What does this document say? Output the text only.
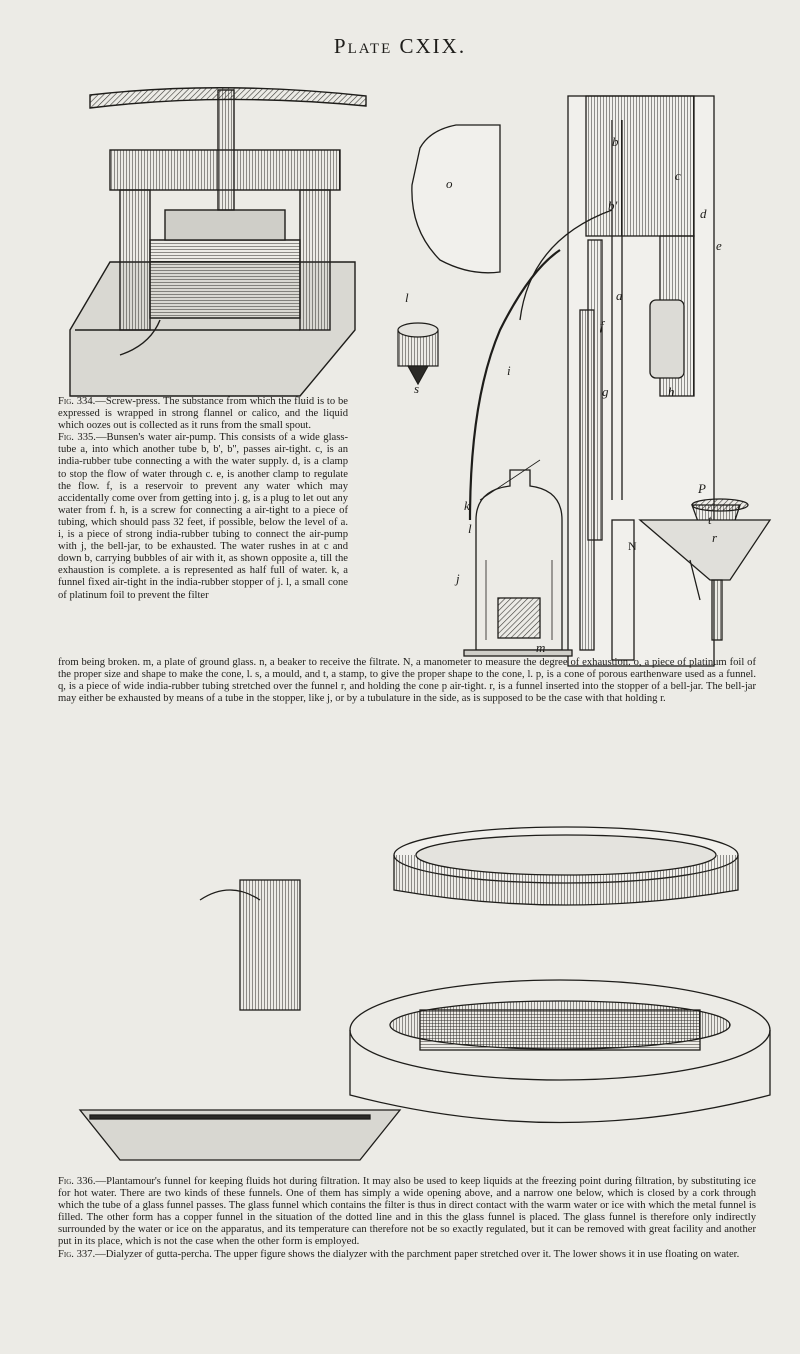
Plate CXIX.
l
s
o
i
b
b'
d
e
f
c
a
g	h
k
l
j
m
P
t
r
N

Fig. 334.—Screw-press. The substance from which the fluid is to be expressed is wrapped in strong flannel or calico, and the liquid which oozes out is collected as it runs from the small spout.

Fig. 335.—Bunsen's water air-pump. This consists of a wide glass-tube a, into which another tube b, b', b'', passes air-tight. c, is an india-rubber tube connecting a with the water supply. d, is a clamp to stop the flow of water through c. e, is another clamp to regulate the flow. f, is a reservoir to prevent any water which may accidentally come over from getting into j. g, is a plug to let out any water from f. h, is a screw for connecting a air-tight to a piece of tubing, which should pass 32 feet, if possible, below the level of a. i, is a piece of strong india-rubber tubing to connect the air-pump with j, the bell-jar, to be exhausted. The water rushes in at c and down b, carrying bubbles of air with it, as shown opposite a, till the exhaustion is complete. a is represented as half full of water. k, a funnel fixed air-tight in the india-rubber stopper of j. l, a small cone of platinum foil to prevent the filter

from being broken. m, a plate of ground glass. n, a beaker to receive the filtrate. N, a manometer to measure the degree of exhaustion. o, a piece of platinum foil of the proper size and shape to make the cone, l. s, a mould, and t, a stamp, to give the proper shape to the cone, l. p, is a cone of porous earthenware used as a funnel. q, is a piece of wide india-rubber tubing stretched over the funnel r, and holding the cone p air-tight. r, is a funnel inserted into the stopper of a bell-jar. The bell-jar may either be exhausted by means of a tube in the stopper, like j, or by a tubulature in the side, as is supposed to be the case with that holding r.

Fig. 336.—Plantamour's funnel for keeping fluids hot during filtration. It may also be used to keep liquids at the freezing point during filtration, by substituting ice for hot water. There are two kinds of these funnels. One of them has simply a wide opening above, and a narrow one below, which is closed by a cork through which the tube of a glass funnel passes. The glass funnel which contains the filter is thus in direct contact with the warm water or ice with which the metal funnel is filled. The other form has a copper funnel in the situation of the dotted line and in this the glass funnel is placed. The glass funnel is therefore only indirectly surrounded by the water or ice on the apparatus, and its temperature can therefore not be so exactly regulated, but it can be removed with great facility and another put in its place, which is not the case when the other form is employed.

Fig. 337.—Dialyzer of gutta-percha. The upper figure shows the dialyzer with the parchment paper stretched over it. The lower shows it in use floating on water.
